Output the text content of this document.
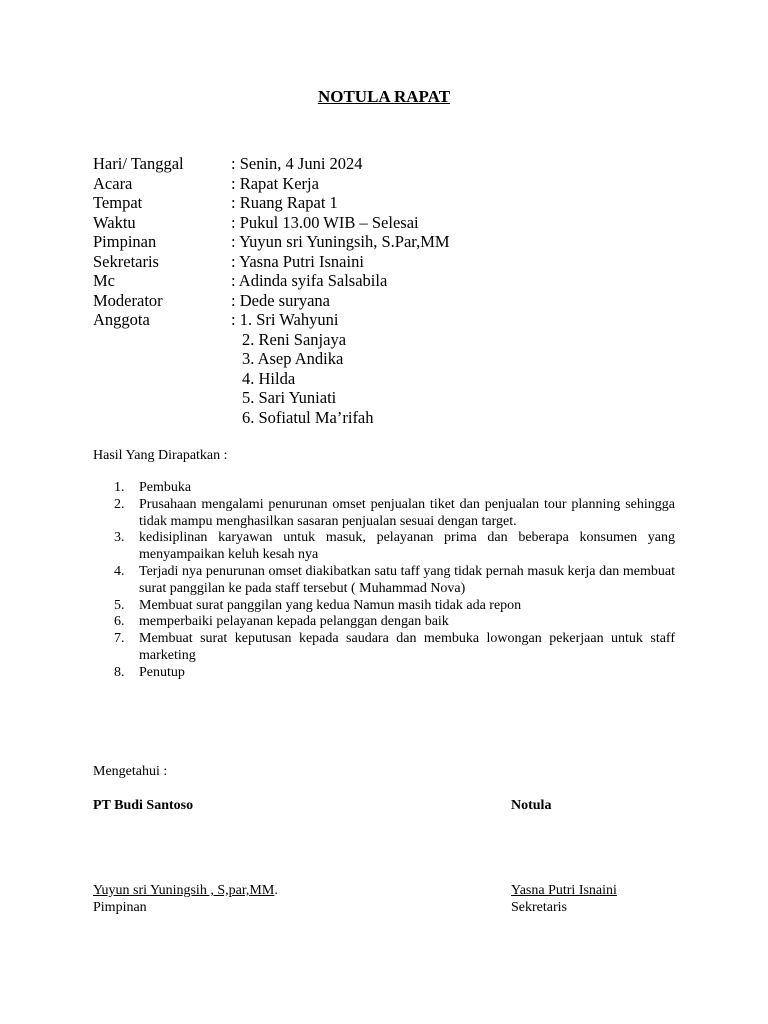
NOTULA RAPAT
Hari/ Tanggal	: Senin, 4 Juni 2024
Acara	: Rapat Kerja
Tempat	: Ruang Rapat 1
Waktu	: Pukul 13.00 WIB – Selesai
Pimpinan	: Yuyun sri Yuningsih, S.Par,MM
Sekretaris	: Yasna Putri Isnaini
Mc	: Adinda syifa Salsabila
Moderator	: Dede suryana
Anggota	: 1. Sri Wahyuni
2. Reni Sanjaya
3. Asep Andika
4. Hilda
5. Sari Yuniati
6. Sofiatul Ma’rifah
Hasil Yang Dirapatkan :
1.	Pembuka
2.	Prusahaan mengalami penurunan omset penjualan tiket dan penjualan tour planning sehingga tidak mampu menghasilkan sasaran penjualan sesuai dengan target.
3.	kedisiplinan karyawan untuk masuk, pelayanan prima dan beberapa konsumen yang menyampaikan keluh kesah nya
4.	Terjadi nya penurunan omset diakibatkan satu taff yang tidak pernah masuk kerja dan membuat surat panggilan ke pada staff tersebut ( Muhammad Nova)
5.	Membuat surat panggilan yang kedua Namun masih tidak ada repon
6.	memperbaiki pelayanan kepada pelanggan dengan baik
7.	Membuat surat keputusan kepada saudara dan membuka lowongan pekerjaan untuk staff marketing
8.	Penutup
Mengetahui :
PT Budi Santoso	Notula
Yuyun sri Yuningsih , S,par,MM.	Yasna Putri Isnaini
Pimpinan	Sekretaris
